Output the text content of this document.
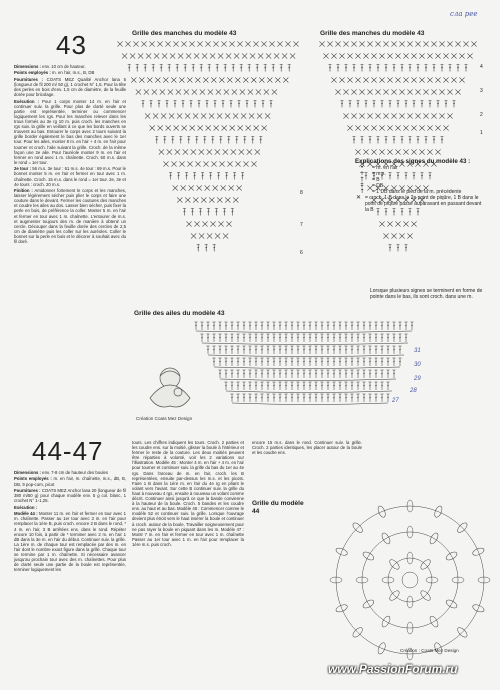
43

Dimensions : env. 10 cm de hauteur.

Points employés : m. en l'air, m.s., B, DB

Fournitures : COATS MEZ Qualité Anchor lana 5 (longueur de fil 200 m/ 50 g), 1 crochet N° 1,5. Pour la tête des perles en bois d'env. 1,5 cm de diamètre, de la feuille dorée pour bricolage.

Exécution : Pour 1 corps monter 14 m. en l'air et continuer suiv. la grille. Pour plus de clarté seule une partie est représentée, terminer ou commencer logiquement les rgs. Pour les manches relever dans les trous formés au 3e rg 10 m. puis croch. les manches en rgs suiv. la grille en veillant à ce que les bords ouverts se trouvent au bas. Entourer le corps avec 2 tours suivant la grille border également le bas des manches avec le 1er tour. Pour les ailes, monter 8 m. en l'air + 4 m. en l'air pour tourner et croch. l'aile suivant la grille. Croch. de la même façon une 2e aile. Pour l'auréole monter 9 m. en l'air et fermer en rond avec 1 m. chaînette. Croch. 50 m.s. dans le rond = 1er tour.

2e tour : 56 m.s. 3e tour : 61 m.s. 4e tour : 69 m.s. Pour le bonnet monter 5 m. en l'air et fermer en tour avec 1 m. chaînette. Croch. 15 m.s. dans le rond = 1er tour. 2e, 3e et 4e tours : croch. 20 m.s.

Finition : Amidonner fortement le corps et les manches, laisser légèrement sécher puis plier le corps et faire une couture dans le devant. Fermer les coutures des manches et coudre les ailes au dos. Lasser bien sécher, puis fixer la perle en bois, de préférence la coller. Monter 5 m. en l'air et fermer en tour avec 1 m. chaînette. L'entourer de m.s. et augmenter toujours des m. de manière à obtenir un cercle. Découper dans la feuille dorée des cercles de 2,5 cm de diamètre puis les coller sur les auréoles. Coller le bonnet sur la perle en bois et le décorer à souhait avec du fil doré.

Grille des manches du modèle 43	Grille des manches du modèle 43
Grille des ailes du modèle 43
сла рее
4
3
2
1
8
7
6
31
30
29
28
27
Explications des signes du modèle 43 :
•	= m. en l'air
+	= m.s.
†	= B
‡	= DB
↑	= 1 DB dans le pied de la m. précédente
✕ = croch. 1 B dans le 2e point de piqûre, 1 B dans le point de piqûre passé auparavant en passant devant la B
Lorsque plusieurs signes se terminent en forme de pointe dans le bas, ils sont croch. dans une m.
Création Coats Mez Design
44-47

Dimensions : env. 7-8 cm de hauteur des boules

Points employés : m. en l'air, m. chaînette, m.s., dB, B, DB, 9 pop-corn, picot

Fournitures : COATS MEZ Anchor lana 20 (longueur de fil 380 m/50 g) pour chaque modèle env. 5 g col. blanc, 1 crochet N° 1-1,25.

Exécution :

Modèle 44 : Monter 11 m. en l'air et fermer en tour avec 1 m. chaînette. Passer au 1er tour avec 3 m. en l'air pour remplacer la 1ère B, puis croch. encore 2 B dans le rond, * 4 m. en l'air, 3 B arrêtées ens. dans le rond. Répéter encore 10 fois, à partir de * terminer avec 2 m. en l'air 1 dB dans la 3e m. en l'air du début. Continuer suiv. la grille. La 1ère m. de chaque tour est remplacée par des m. en l'air dont le nombre exact figure dans la grille. Chaque tour se termine par 1 m. chaînette. Si nécessaire avancer jusqu'au prochain tour avec des m. chaînettes. Pour plus de clarté seule une partie de la boule est représentée, terminer logiquement les

tours. Les chiffres indiquent les tours. Croch. 2 parties et les coudre ens. sur la moitié, glisser la boule à l'intérieur et fermer le reste de la couture. Les deux moitiés peuvent être réparties à volonté, voir les 2 variations sur l'illustration. Modèle 45 : Monter 4 m. en l'air + 4 m. en l'air pour tourner et continuer suiv. la grille du bas du 1er au 4e rgs. Dans l'arceau de m. en l'air, croch. les B représentées, ensuite par-dessus les m.s. et les picots. Faire 1 B dans la 1ère m. en l'air du 4e rg en pliant le volant vers l'avant. Sur cette B continuer suiv. la grille du haut à nouveau 4 rgs, ensuite à nouveau un volant comme décrit. Continuer ainsi jusqu'à ce que la bande convienne à la hauteur de la boule. Croch. 5 bandes et les coudre ens. au haut et au bas. Modèle 46 : Commencer comme le modèle 52 et continuer suiv. la grille. Lorsque l'ouvrage devient plus étroit vers le haut insérer la boule et continuer à croch. autour de la boule. Travailler soigneusement pour ne pas rayer la boule en piquant dans les m. Modèle 47 : Montr 7 m. en l'air et fermer en tour avec 1 m. chaînette Passer au 1er tour avec 1 m. en l'air pour remplacer la 1ère m.s. puis croch.
encore 15 m.s. dans le rond. Continuer suiv. la grille. Croch. 2 parties identiques, les placer autour de la boule et les coudre ens.
Grille du modèle 44
Création : Coats Mez Design
www.PassionForum.ru
